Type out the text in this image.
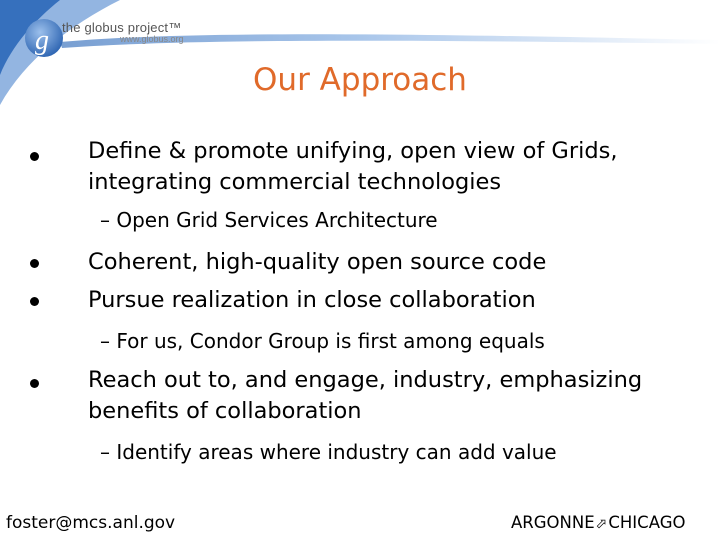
g the globus project™
www.globus.org
Our Approach
Define & promote unifying, open view of Grids, integrating commercial technologies
– Open Grid Services Architecture
Coherent, high-quality open source code
Pursue realization in close collaboration
– For us, Condor Group is first among equals
Reach out to, and engage, industry, emphasizing benefits of collaboration
– Identify areas where industry can add value
foster@mcs.anl.gov	ARGONNE⬀CHICAGO
